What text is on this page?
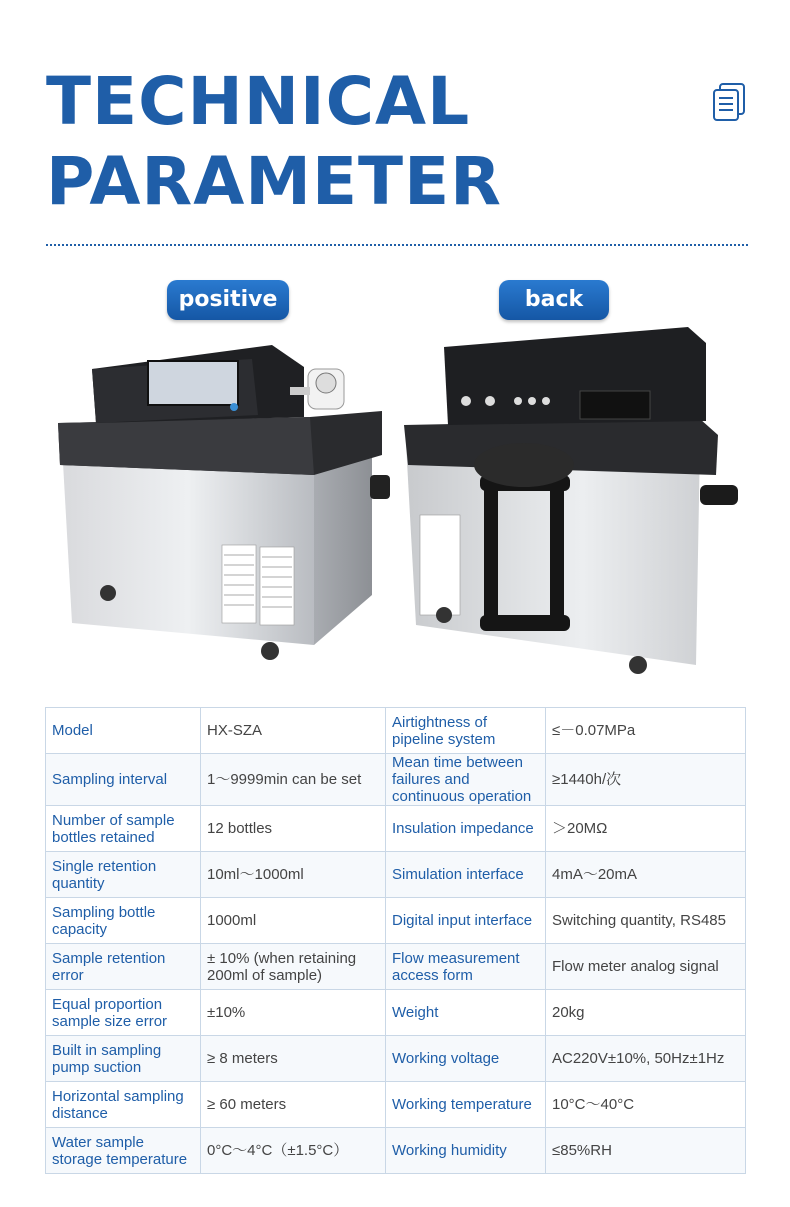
TECHNICAL
PARAMETER
positive	back
Model	HX-SZA	Airtightness of pipeline system	≤－0.07MPa
Sampling interval	1～9999min can be set	Mean time between failures and continuous operation	≥1440h/次
Number of sample bottles retained	12 bottles	Insulation impedance	＞20MΩ
Single retention quantity	10ml～1000ml	Simulation interface	4mA～20mA
Sampling bottle capacity	1000ml	Digital input interface	Switching quantity, RS485
Sample retention error	± 10% (when retaining 200ml of sample)	Flow measurement access form	Flow meter analog signal
Equal proportion sample size error	±10%	Weight	20kg
Built in sampling pump suction	≥ 8 meters	Working voltage	AC220V±10%, 50Hz±1Hz
Horizontal sampling distance	≥ 60 meters	Working temperature	10°C～40°C
Water sample storage temperature	0°C～4°C（±1.5°C）	Working humidity	≤85%RH
